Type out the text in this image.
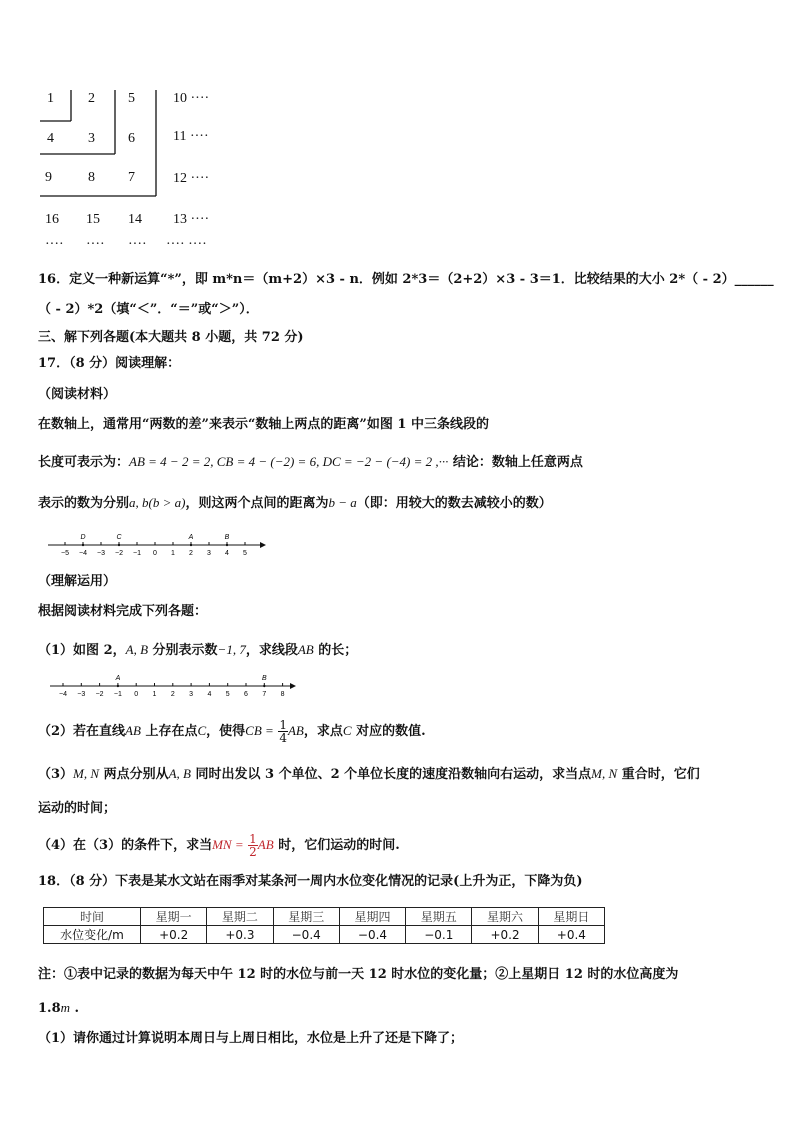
1 2 5	10 ····
4 3 6	11 ····
9	8 7	12 ····
16 15 14 13 ····
···· ···· ···· ···· ····
16．定义一种新运算“*”，即 m*n＝（m+2）×3 - n．例如 2*3＝（2+2）×3 - 3＝1．比较结果的大小 2*（ - 2）______
（ - 2）*2（填“＜”．“＝”或“＞”）．
三、解下列各题(本大题共 8 小题，共 72 分)
17．（8 分）阅读理解：
（阅读材料）
在数轴上，通常用“两数的差”来表示“数轴上两点的距离”如图 1 中三条线段的
长度可表示为：AB = 4 − 2 = 2, CB = 4 − (−2) = 6, DC = −2 − (−4) = 2 ,··· 结论：数轴上任意两点
表示的数为分别a, b(b > a)，则这两个点间的距离为b − a（即：用较大的数去减较小的数）
−5 −4 −3 −2 −1 0 1 2 3 4 5
D	C	A	B
（理解运用）
根据阅读材料完成下列各题：
（1）如图 2，A, B 分别表示数−1, 7，求线段AB 的长；
−4 −3 −2 −1 0 1 2 3 4 5 6 7 8
A	B
（2）若在直线AB 上存在点C，使得CB = $\frac{1}{4}$ AB，求点C 对应的数值.
（3）M, N 两点分别从A, B 同时出发以 3 个单位、2 个单位长度的速度沿数轴向右运动，求当点M, N 重合时，它们
运动的时间；
（4）在（3）的条件下，求当MN = $\frac{1}{2}$ AB 时，它们运动的时间.
18．（8 分）下表是某水文站在雨季对某条河一周内水位变化情况的记录(上升为正，下降为负)
时间	星期一	星期二	星期三	星期四	星期五	星期六	星期日
水位变化/m	+0.2	+0.3	−0.4	−0.4	−0.1	+0.2	+0.4
注：①表中记录的数据为每天中午 12 时的水位与前一天 12 时水位的变化量；②上星期日 12 时的水位高度为
1.8m .
（1）请你通过计算说明本周日与上周日相比，水位是上升了还是下降了；
